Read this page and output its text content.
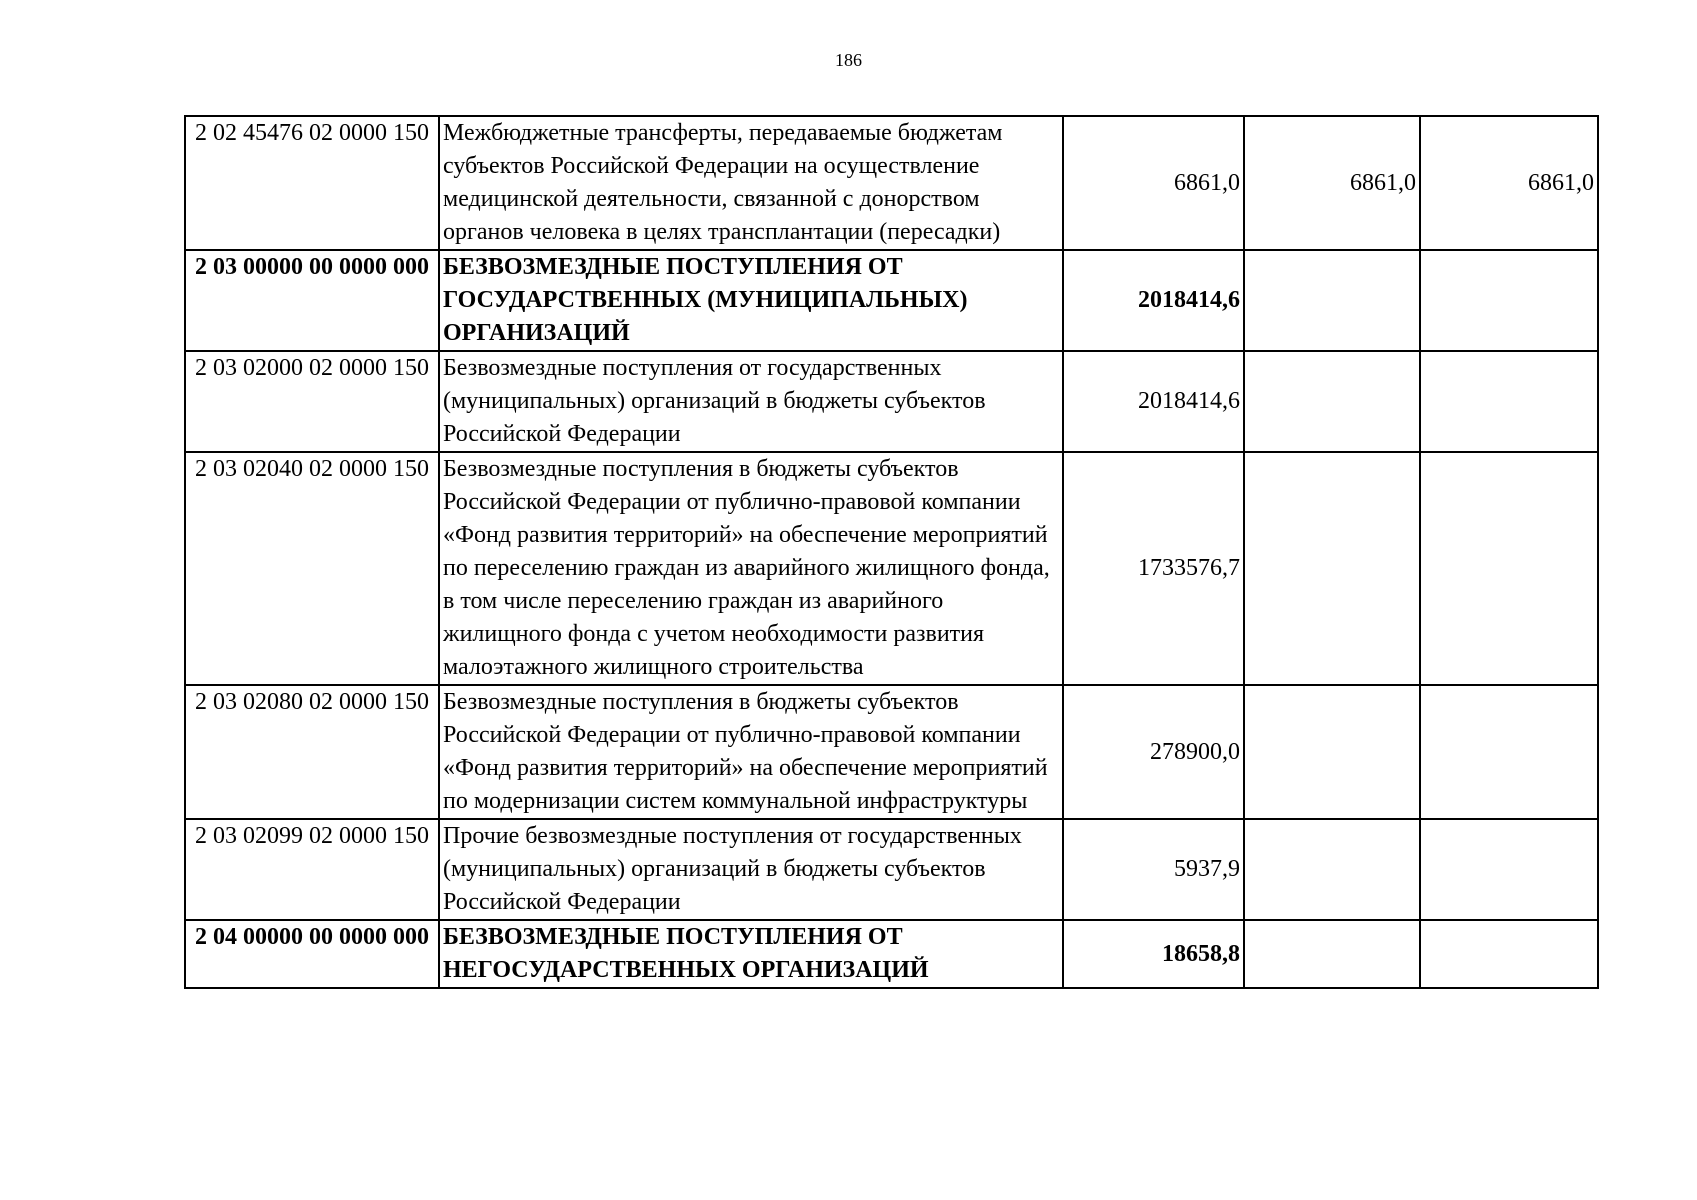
186
2 02 45476 02 0000 150	Межбюджетные трансферты, передаваемые бюджетам субъектов Российской Федерации на осуществление медицинской деятельности, связанной с донорством органов человека в целях трансплантации (пересадки)	6861,0	6861,0	6861,0
2 03 00000 00 0000 000	БЕЗВОЗМЕЗДНЫЕ ПОСТУПЛЕНИЯ ОТ ГОСУДАРСТВЕННЫХ (МУНИЦИПАЛЬНЫХ) ОРГАНИЗАЦИЙ	2018414,6		
2 03 02000 02 0000 150	Безвозмездные поступления от государственных (муниципальных) организаций в бюджеты субъектов Российской Федерации	2018414,6		
2 03 02040 02 0000 150	Безвозмездные поступления в бюджеты субъектов Российской Федерации от публично-правовой компании «Фонд развития территорий» на обеспечение мероприятий по переселению граждан из аварийного жилищного фонда, в том числе переселению граждан из аварийного жилищного фонда с учетом необходимости развития малоэтажного жилищного строительства	1733576,7		
2 03 02080 02 0000 150	Безвозмездные поступления в бюджеты субъектов Российской Федерации от публично-правовой компании «Фонд развития территорий» на обеспечение мероприятий по модернизации систем коммунальной инфраструктуры	278900,0		
2 03 02099 02 0000 150	Прочие безвозмездные поступления от государственных (муниципальных) организаций в бюджеты субъектов Российской Федерации	5937,9		
2 04 00000 00 0000 000	БЕЗВОЗМЕЗДНЫЕ ПОСТУПЛЕНИЯ ОТ НЕГОСУДАРСТВЕННЫХ ОРГАНИЗАЦИЙ	18658,8		
